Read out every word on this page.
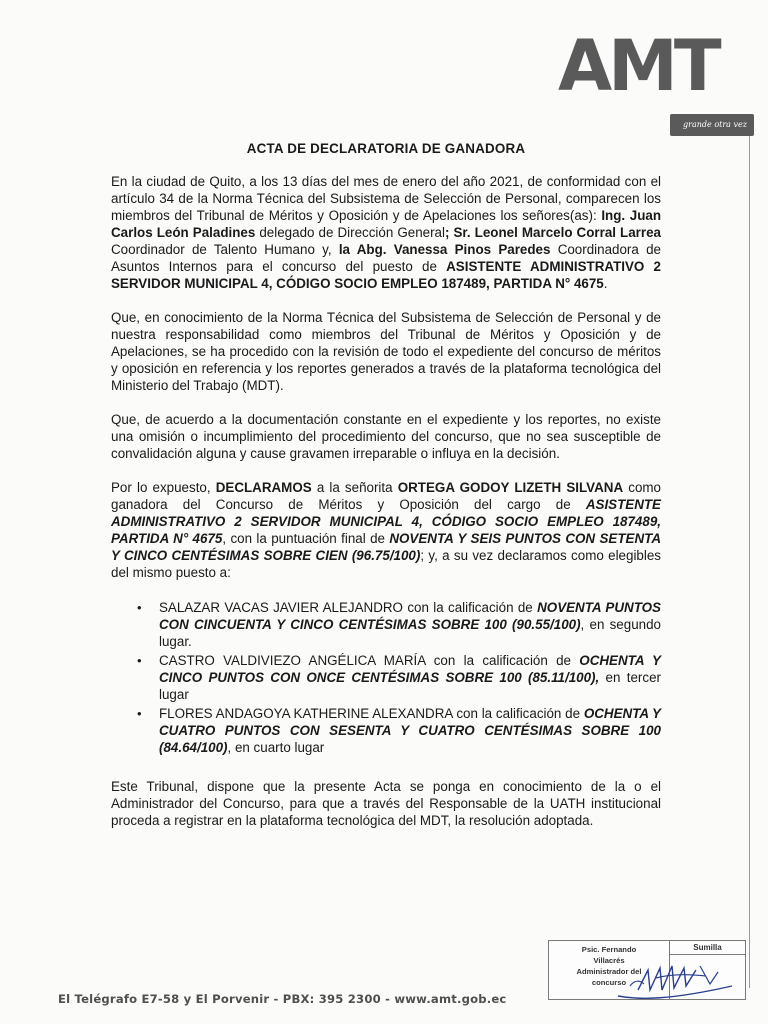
AMT
grande otra vez
ACTA DE DECLARATORIA DE GANADORA

En la ciudad de Quito, a los 13 días del mes de enero del año 2021, de conformidad con el artículo 34 de la Norma Técnica del Subsistema de Selección de Personal, comparecen los miembros del Tribunal de Méritos y Oposición y de Apelaciones los señores(as): Ing. Juan Carlos León Paladines delegado de Dirección General; Sr. Leonel Marcelo Corral Larrea Coordinador de Talento Humano y, la Abg. Vanessa Pinos Paredes Coordinadora de Asuntos Internos para el concurso del puesto de ASISTENTE ADMINISTRATIVO 2 SERVIDOR MUNICIPAL 4, CÓDIGO SOCIO EMPLEO 187489, PARTIDA N° 4675.

Que, en conocimiento de la Norma Técnica del Subsistema de Selección de Personal y de nuestra responsabilidad como miembros del Tribunal de Méritos y Oposición y de Apelaciones, se ha procedido con la revisión de todo el expediente del concurso de méritos y oposición en referencia y los reportes generados a través de la plataforma tecnológica del Ministerio del Trabajo (MDT).

Que, de acuerdo a la documentación constante en el expediente y los reportes, no existe una omisión o incumplimiento del procedimiento del concurso, que no sea susceptible de convalidación alguna y cause gravamen irreparable o influya en la decisión.

Por lo expuesto, DECLARAMOS a la señorita ORTEGA GODOY LIZETH SILVANA como ganadora del Concurso de Méritos y Oposición del cargo de ASISTENTE ADMINISTRATIVO 2 SERVIDOR MUNICIPAL 4, CÓDIGO SOCIO EMPLEO 187489, PARTIDA N° 4675, con la puntuación final de NOVENTA Y SEIS PUNTOS CON SETENTA Y CINCO CENTÉSIMAS SOBRE CIEN (96.75/100); y, a su vez declaramos como elegibles del mismo puesto a:

• SALAZAR VACAS JAVIER ALEJANDRO con la calificación de NOVENTA PUNTOS CON CINCUENTA Y CINCO CENTÉSIMAS SOBRE 100 (90.55/100), en segundo lugar.
• CASTRO VALDIVIEZO ANGÉLICA MARÍA con la calificación de OCHENTA Y CINCO PUNTOS CON ONCE CENTÉSIMAS SOBRE 100 (85.11/100), en tercer lugar
• FLORES ANDAGOYA KATHERINE ALEXANDRA con la calificación de OCHENTA Y CUATRO PUNTOS CON SESENTA Y CUATRO CENTÉSIMAS SOBRE 100 (84.64/100), en cuarto lugar

Este Tribunal, dispone que la presente Acta se ponga en conocimiento de la o el Administrador del Concurso, para que a través del Responsable de la UATH institucional proceda a registrar en la plataforma tecnológica del MDT, la resolución adoptada.

Psic. Fernando
Villacrés
Administrador del
concurso
Sumilla
El Telégrafo E7-58 y El Porvenir - PBX: 395 2300 - www.amt.gob.ec
